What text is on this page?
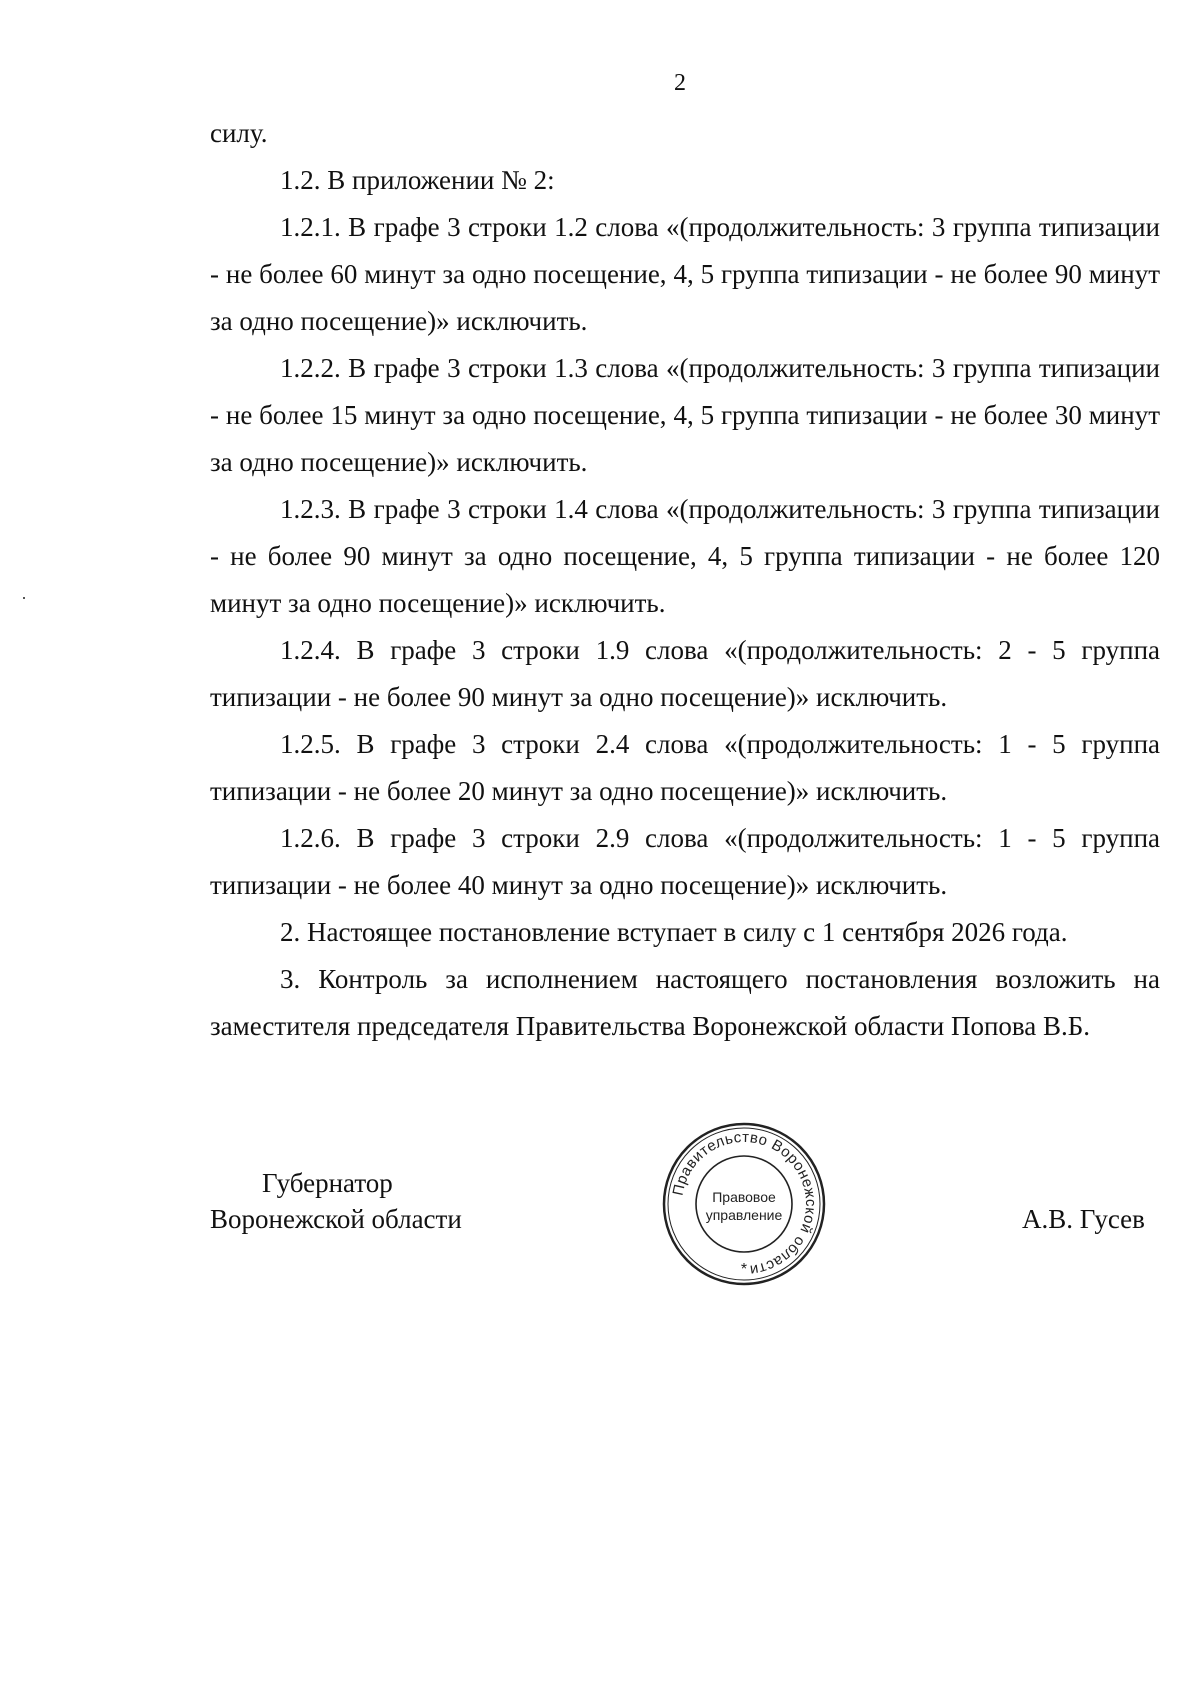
2

силу.

1.2. В приложении № 2:

1.2.1. В графе 3 строки 1.2 слова «(продолжительность: 3 группа типизации - не более 60 минут за одно посещение, 4, 5 группа типизации - не более 90 минут за одно посещение)» исключить.

1.2.2. В графе 3 строки 1.3 слова «(продолжительность: 3 группа типизации - не более 15 минут за одно посещение, 4, 5 группа типизации - не более 30 минут за одно посещение)» исключить.

1.2.3. В графе 3 строки 1.4 слова «(продолжительность: 3 группа типизации - не более 90 минут за одно посещение, 4, 5 группа типизации - не более 120 минут за одно посещение)» исключить.

1.2.4. В графе 3 строки 1.9 слова «(продолжительность: 2 - 5 группа типизации - не более 90 минут за одно посещение)» исключить.

1.2.5. В графе 3 строки 2.4 слова «(продолжительность: 1 - 5 группа типизации - не более 20 минут за одно посещение)» исключить.

1.2.6. В графе 3 строки 2.9 слова «(продолжительность: 1 - 5 группа типизации - не более 40 минут за одно посещение)» исключить.

2. Настоящее постановление вступает в силу с 1 сентября 2026 года.

3. Контроль за исполнением настоящего постановления возложить на заместителя председателя Правительства Воронежской области Попова В.Б.

Губернатор
Воронежской области
Правительство Воронежской области
Правовое
управление
*
А.В. Гусев
